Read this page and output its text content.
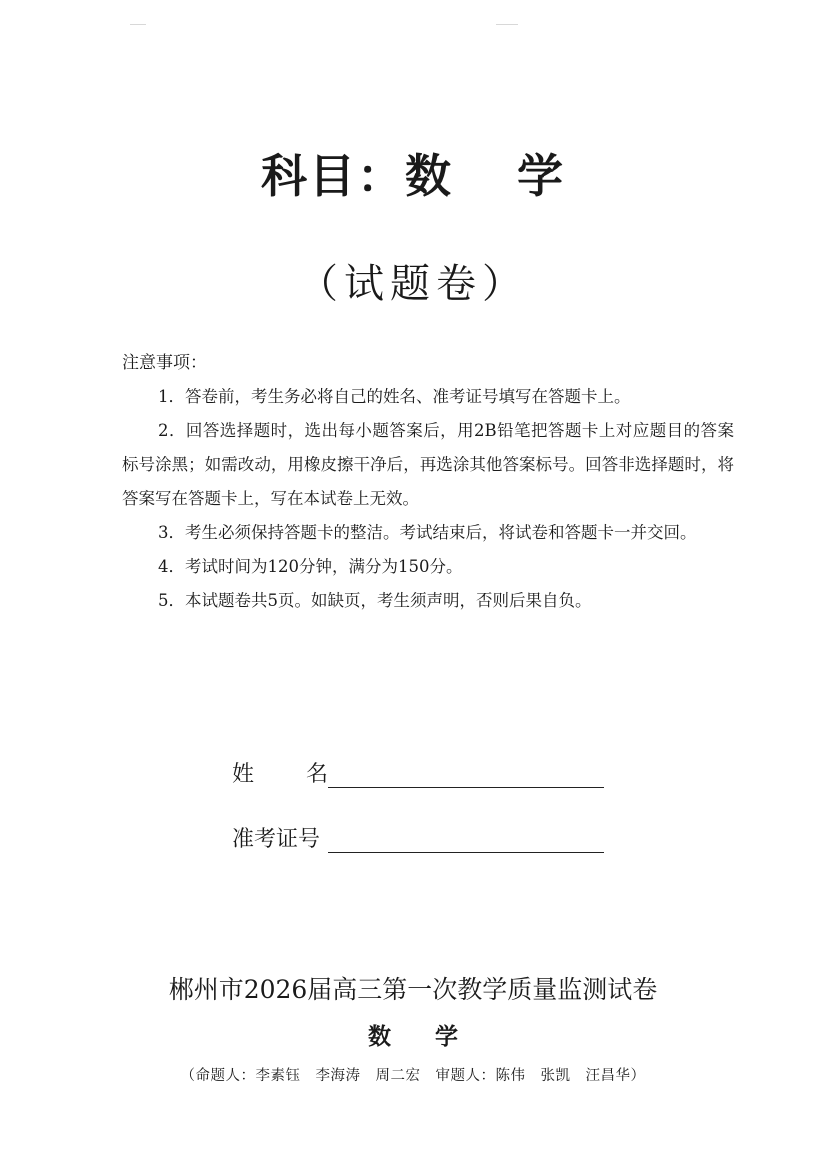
科目：数 学
（试题卷）
注意事项：
1．答卷前，考生务必将自己的姓名、准考证号填写在答题卡上。
2．回答选择题时，选出每小题答案后，用2B铅笔把答题卡上对应题目的答案标号涂黑；如需改动，用橡皮擦干净后，再选涂其他答案标号。回答非选择题时，将答案写在答题卡上，写在本试卷上无效。
3．考生必须保持答题卡的整洁。考试结束后，将试卷和答题卡一并交回。
4．考试时间为120分钟，满分为150分。
5．本试题卷共5页。如缺页，考生须声明，否则后果自负。
姓 名
准考证号
郴州市2026届高三第一次教学质量监测试卷
数 学
（命题人：李素钰　李海涛　周二宏　审题人：陈伟　张凯　汪昌华）
